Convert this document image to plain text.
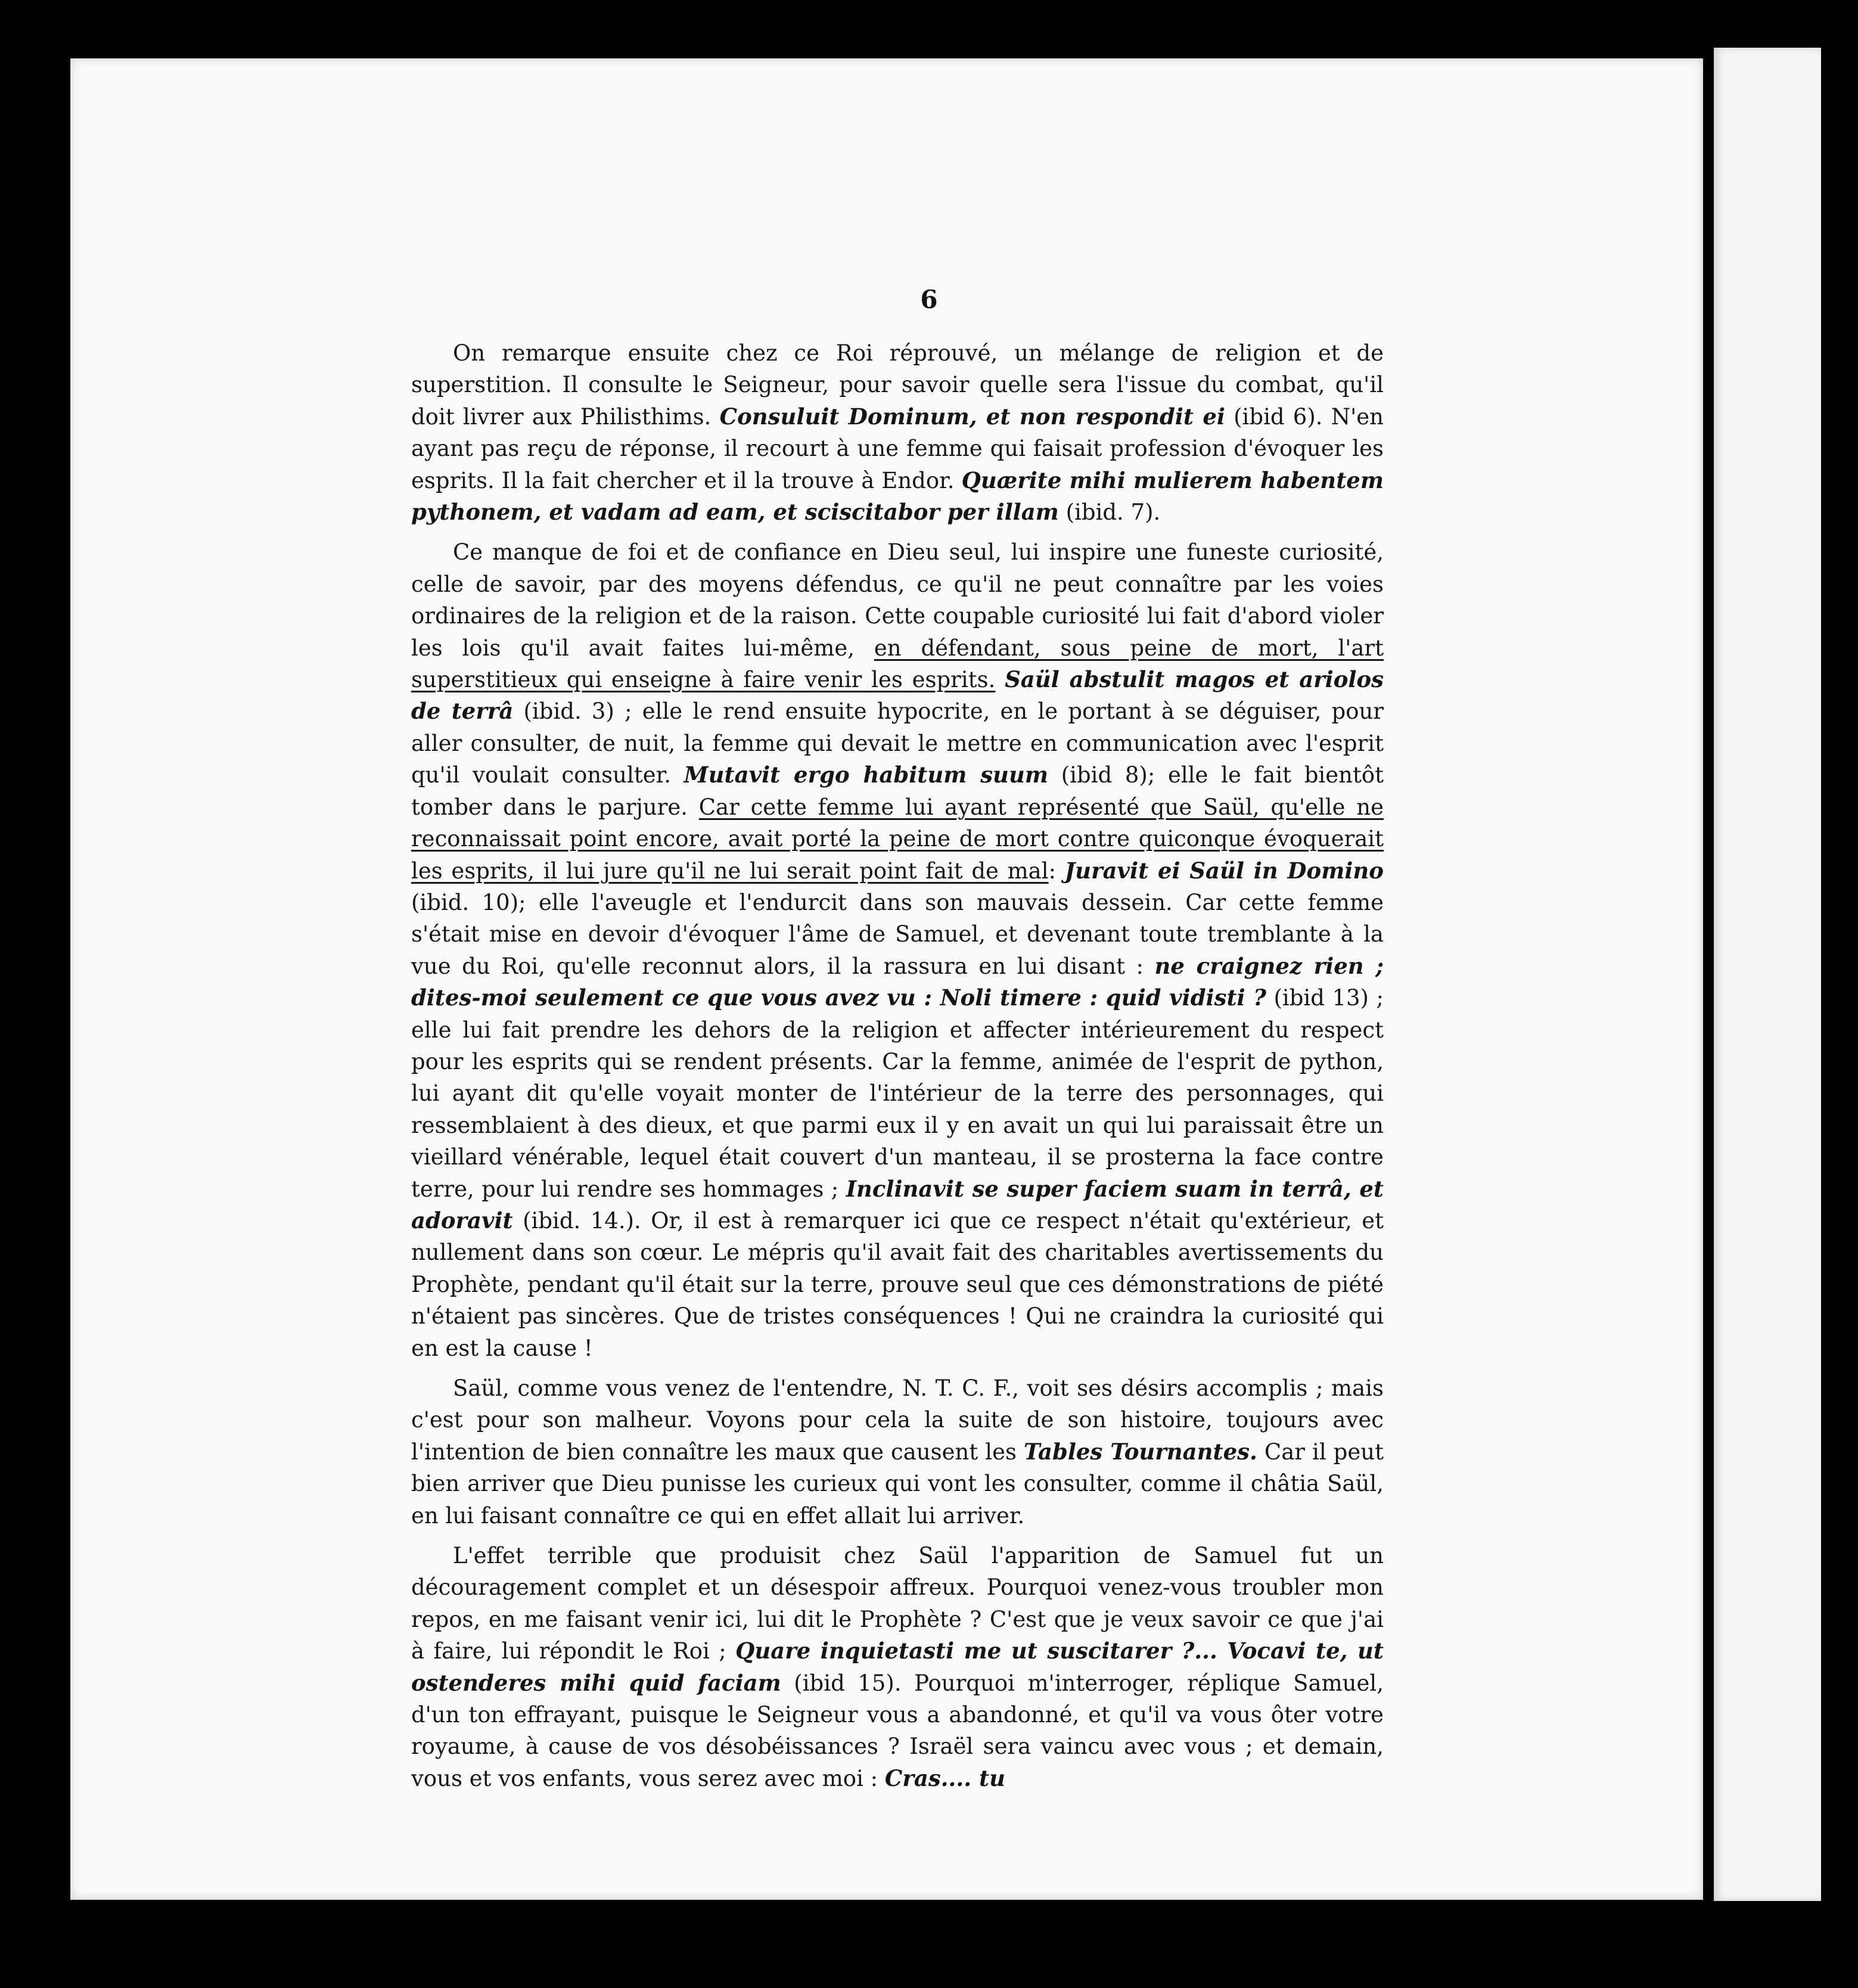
6

On remarque ensuite chez ce Roi réprouvé, un mélange de religion et de superstition. Il consulte le Seigneur, pour savoir quelle sera l'issue du combat, qu'il doit livrer aux Philisthims. Consuluit Dominum, et non respondit ei (ibid 6). N'en ayant pas reçu de réponse, il recourt à une femme qui faisait profession d'évoquer les esprits. Il la fait chercher et il la trouve à Endor. Quærite mihi mulierem habentem pythonem, et vadam ad eam, et sciscitabor per illam (ibid. 7).

Ce manque de foi et de confiance en Dieu seul, lui inspire une funeste curiosité, celle de savoir, par des moyens défendus, ce qu'il ne peut connaître par les voies ordinaires de la religion et de la raison. Cette coupable curiosité lui fait d'abord violer les lois qu'il avait faites lui-même, en défendant, sous peine de mort, l'art superstitieux qui enseigne à faire venir les esprits. Saül abstulit magos et ariolos de terrâ (ibid. 3) ; elle le rend ensuite hypocrite, en le portant à se déguiser, pour aller consulter, de nuit, la femme qui devait le mettre en communication avec l'esprit qu'il voulait consulter. Mutavit ergo habitum suum (ibid 8); elle le fait bientôt tomber dans le parjure. Car cette femme lui ayant représenté que Saül, qu'elle ne reconnaissait point encore, avait porté la peine de mort contre quiconque évoquerait les esprits, il lui jure qu'il ne lui serait point fait de mal: Juravit ei Saül in Domino (ibid. 10); elle l'aveugle et l'endurcit dans son mauvais dessein. Car cette femme s'était mise en devoir d'évoquer l'âme de Samuel, et devenant toute tremblante à la vue du Roi, qu'elle reconnut alors, il la rassura en lui disant : ne craignez rien ; dites-moi seulement ce que vous avez vu : Noli timere : quid vidisti ? (ibid 13) ; elle lui fait prendre les dehors de la religion et affecter intérieurement du respect pour les esprits qui se rendent présents. Car la femme, animée de l'esprit de python, lui ayant dit qu'elle voyait monter de l'intérieur de la terre des personnages, qui ressemblaient à des dieux, et que parmi eux il y en avait un qui lui paraissait être un vieillard vénérable, lequel était couvert d'un manteau, il se prosterna la face contre terre, pour lui rendre ses hommages ; Inclinavit se super faciem suam in terrâ, et adoravit (ibid. 14.). Or, il est à remarquer ici que ce respect n'était qu'extérieur, et nullement dans son cœur. Le mépris qu'il avait fait des charitables avertissements du Prophète, pendant qu'il était sur la terre, prouve seul que ces démonstrations de piété n'étaient pas sincères. Que de tristes conséquences ! Qui ne craindra la curiosité qui en est la cause !

Saül, comme vous venez de l'entendre, N. T. C. F., voit ses désirs accomplis ; mais c'est pour son malheur. Voyons pour cela la suite de son histoire, toujours avec l'intention de bien connaître les maux que causent les Tables Tournantes. Car il peut bien arriver que Dieu punisse les curieux qui vont les consulter, comme il châtia Saül, en lui faisant connaître ce qui en effet allait lui arriver.

L'effet terrible que produisit chez Saül l'apparition de Samuel fut un découragement complet et un désespoir affreux. Pourquoi venez-vous troubler mon repos, en me faisant venir ici, lui dit le Prophète ? C'est que je veux savoir ce que j'ai à faire, lui répondit le Roi ; Quare inquietasti me ut suscitarer ?... Vocavi te, ut ostenderes mihi quid faciam (ibid 15). Pourquoi m'interroger, réplique Samuel, d'un ton effrayant, puisque le Seigneur vous a abandonné, et qu'il va vous ôter votre royaume, à cause de vos désobéissances ? Israël sera vaincu avec vous ; et demain, vous et vos enfants, vous serez avec moi : Cras.... tu
